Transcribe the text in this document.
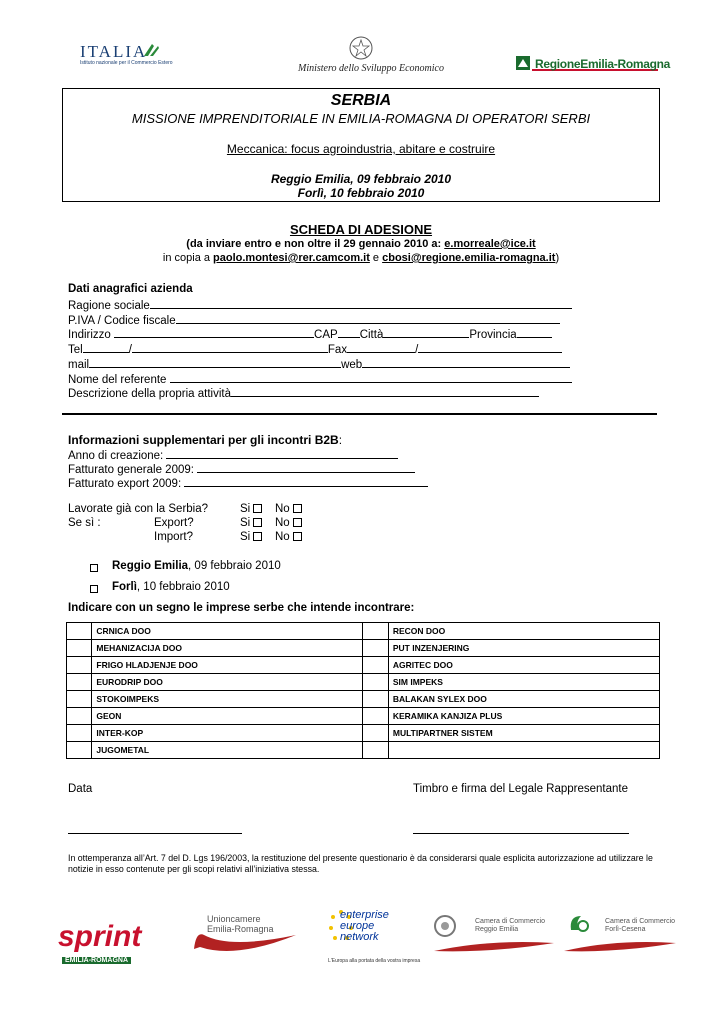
ITALIA
Istituto nazionale per il Commercio Estero	Ministero dello Sviluppo Economico	RegioneEmilia-Romagna
SERBIA
MISSIONE IMPRENDITORIALE IN EMILIA-ROMAGNA DI OPERATORI SERBI
Meccanica: focus agroindustria, abitare e costruire
Reggio Emilia, 09 febbraio 2010
Forlì, 10 febbraio 2010
SCHEDA DI ADESIONE
(da inviare entro e non oltre il 29 gennaio 2010 a: e.morreale@ice.it
in copia a paolo.montesi@rer.camcom.it e cbosi@regione.emilia-romagna.it)
Dati anagrafici azienda
Ragione sociale
P.IVA / Codice fiscale
Indirizzo	CAP Città	Provincia
Tel	/	Fax	/
mail	web
Nome del referente
Descrizione della propria attività
Informazioni supplementari per gli incontri B2B:
Anno di creazione:
Fatturato generale 2009:
Fatturato export 2009:
Lavorate già con la Serbia?	Si	No
Se sì :	Export?	Si	No
Import?	Si	No
Reggio Emilia, 09 febbraio 2010
Forlì, 10 febbraio 2010
Indicare con un segno le imprese serbe che intende incontrare:
	CRNICA DOO		RECON DOO
	MEHANIZACIJA DOO		PUT INZENJERING
	FRIGO HLADJENJE DOO		AGRITEC DOO
	EURODRIP DOO		SIM IMPEKS
	STOKOIMPEKS		BALAKAN SYLEX DOO
	GEON		KERAMIKA KANJIZA PLUS
	INTER-KOP		MULTIPARTNER SISTEM
	JUGOMETAL		
Data	Timbro e firma del Legale Rappresentante
In ottemperanza all’Art. 7 del D. Lgs 196/2003, la restituzione del presente questionario è da considerarsi quale esplicita autorizzazione ad utilizzare le notizie in esso contenute per gli scopi relativi all’iniziativa stessa.
sprint
EMILIA-ROMAGNA
Unioncamere
Emilia-Romagna
enterprise
europe
network
L'Europa alla portata della vostra impresa
Camera di Commercio
Reggio Emilia
Camera di Commercio
Forlì-Cesena
